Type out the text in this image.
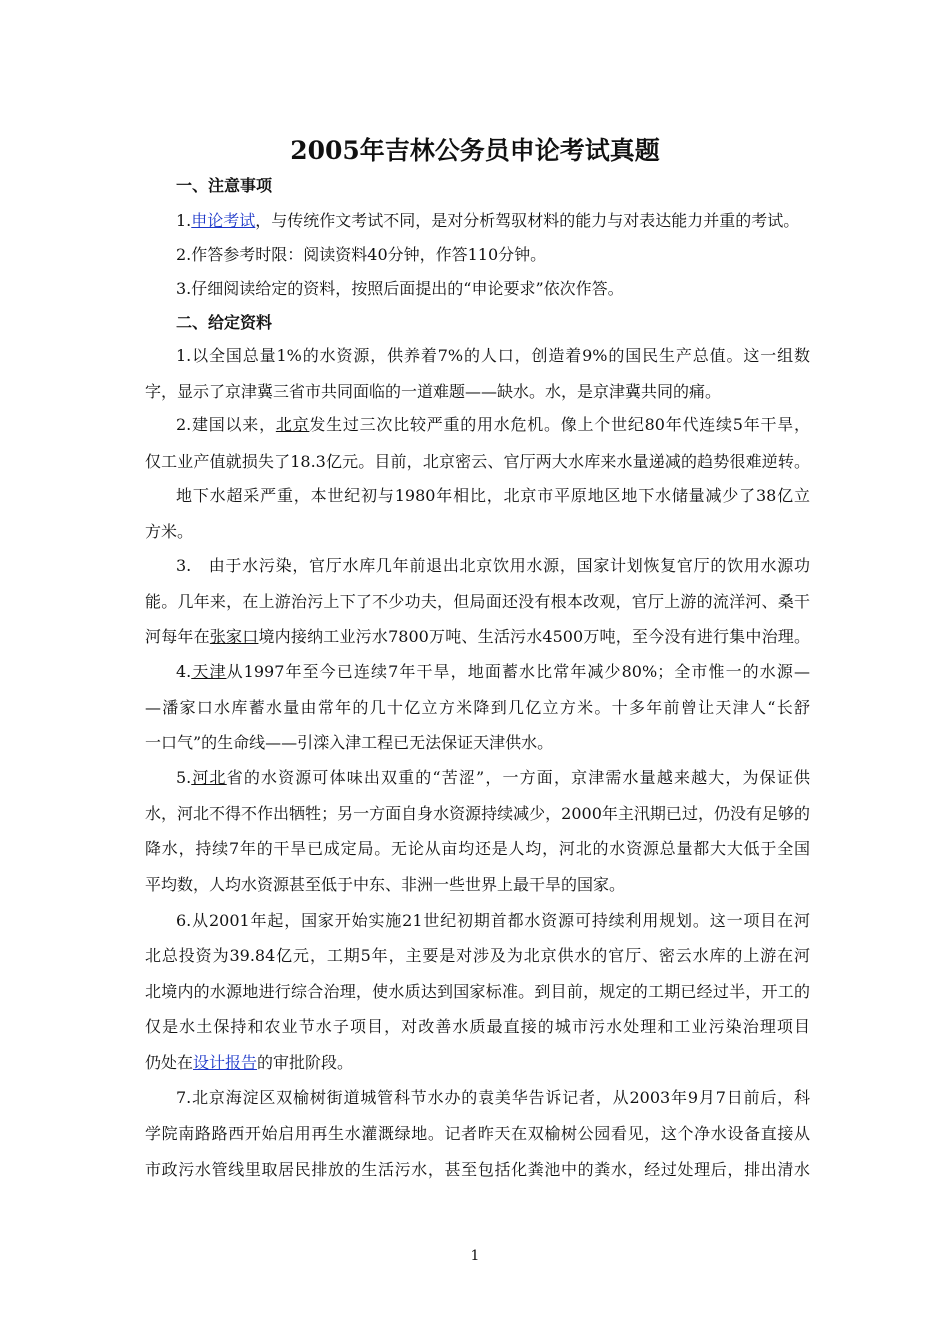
2005年吉林公务员申论考试真题
一、注意事项
1.申论考试，与传统作文考试不同，是对分析驾驭材料的能力与对表达能力并重的考试。
2.作答参考时限：阅读资料40分钟，作答110分钟。
3.仔细阅读给定的资料，按照后面提出的“申论要求”依次作答。
二、给定资料
1.以全国总量1%的水资源，供养着7%的人口，创造着9%的国民生产总值。这一组数
字，显示了京津冀三省市共同面临的一道难题——缺水。水，是京津冀共同的痛。
2.建国以来，北京发生过三次比较严重的用水危机。像上个世纪80年代连续5年干旱，
仅工业产值就损失了18.3亿元。目前，北京密云、官厅两大水库来水量递减的趋势很难逆转。
地下水超采严重，本世纪初与1980年相比，北京市平原地区地下水储量减少了38亿立
方米。
3.　由于水污染，官厅水库几年前退出北京饮用水源，国家计划恢复官厅的饮用水源功
能。几年来，在上游治污上下了不少功夫，但局面还没有根本改观，官厅上游的流洋河、桑干
河每年在张家口境内接纳工业污水7800万吨、生活污水4500万吨，至今没有进行集中治理。
4.天津从1997年至今已连续7年干旱，地面蓄水比常年减少80%；全市惟一的水源—
—潘家口水库蓄水量由常年的几十亿立方米降到几亿立方米。十多年前曾让天津人“长舒
一口气”的生命线——引滦入津工程已无法保证天津供水。
5.河北省的水资源可体味出双重的“苦涩”，一方面，京津需水量越来越大，为保证供
水，河北不得不作出牺牲；另一方面自身水资源持续减少，2000年主汛期已过，仍没有足够的
降水，持续7年的干旱已成定局。无论从亩均还是人均，河北的水资源总量都大大低于全国
平均数，人均水资源甚至低于中东、非洲一些世界上最干旱的国家。
6.从2001年起，国家开始实施21世纪初期首都水资源可持续利用规划。这一项目在河
北总投资为39.84亿元，工期5年，主要是对涉及为北京供水的官厅、密云水库的上游在河
北境内的水源地进行综合治理，使水质达到国家标准。到目前，规定的工期已经过半，开工的
仅是水土保持和农业节水子项目，对改善水质最直接的城市污水处理和工业污染治理项目
仍处在设计报告的审批阶段。
7.北京海淀区双榆树街道城管科节水办的袁美华告诉记者，从2003年9月7日前后，科
学院南路路西开始启用再生水灌溉绿地。记者昨天在双榆树公园看见，这个净水设备直接从
市政污水管线里取居民排放的生活污水，甚至包括化粪池中的粪水，经过处理后，排出清水
1
